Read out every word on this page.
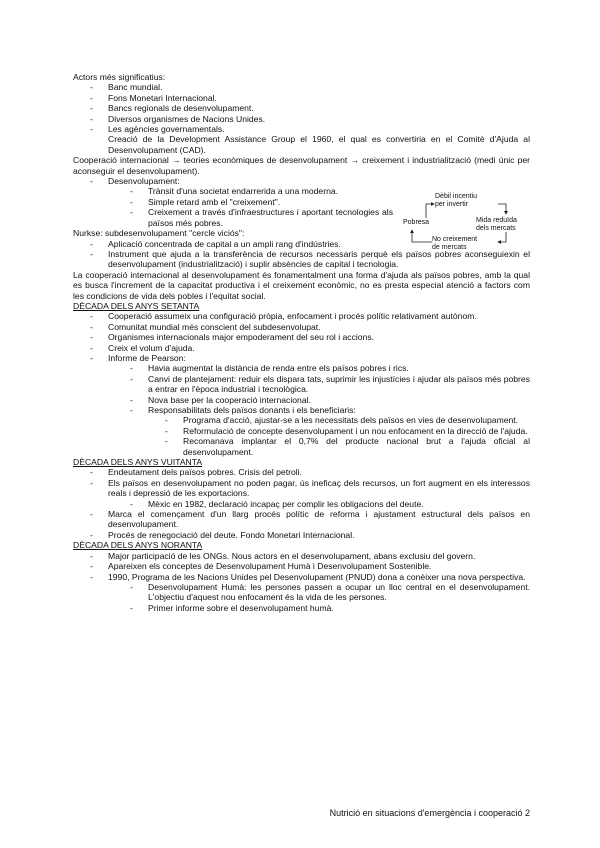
Actors més significatius:
- Banc mundial.
- Fons Monetari Internacional.
- Bancs regionals de desenvolupament.
- Diversos organismes de Nacions Unides.
- Les agències governamentals.
Creació de la Development Assistance Group el 1960, el qual es convertiria en el Comitè d'Ajuda al Desenvolupament (CAD).
Cooperació internacional → teories econòmiques de desenvolupament → creixement i industrialització (medi únic per aconseguir el desenvolupament).
- Desenvolupament:
- Trànsit d'una societat endarrerida a una moderna.
- Simple retard amb el "creixement".
- Creixement a través d'infraestructures i aportant tecnologies als països més pobres.
Nurkse: subdesenvolupament "cercle viciós":
- Aplicació concentrada de capital a un ampli rang d'indústries.
- Instrument que ajuda a la transferència de recursos necessaris perquè els països pobres aconseguiexin el desenvolupament (industrialització) i suplir absències de capital i tecnologia.
La cooperació internacional al desenvolupament és fonamentalment una forma d'ajuda als països pobres, amb la qual es busca l'increment de la capacitat productiva i el creixement econòmic, no es presta especial atenció a factors com les condicions de vida dels pobles i l'equitat social.
DÈCADA DELS ANYS SETANTA
- Cooperació assumeix una configuració pròpia, enfocament i procés polític relativament autònom.
- Comunitat mundial més conscient del subdesenvolupat.
- Organismes internacionals major empoderament del seu rol i accions.
- Creix el volum d'ajuda.
- Informe de Pearson:
- Havia augmentat la distància de renda entre els països pobres i rics.
- Canvi de plantejament: reduir els dispara tats, suprimir les injustícies i ajudar als països més pobres a entrar en l'època industrial i tecnològica.
- Nova base per la cooperació internacional.
- Responsabilitats dels països donants i els beneficiaris:
- Programa d'acció, ajustar-se a les necessitats dels països en vies de desenvolupament.
- Reformulació de concepte desenvolupament i un nou enfocament en la direcció de l'ajuda.
- Recomanava implantar el 0,7% del producte nacional brut a l'ajuda oficial al desenvolupament.
DÈCADA DELS ANYS VUITANTA
- Endeutament dels països pobres. Crisis del petroli.
- Els països en desenvolupament no poden pagar, ús ineficaç dels recursos, un fort augment en els interessos reals i depressió de les exportacions.
- Mèxic en 1982, declaració incapaç per complir les obligacions del deute.
- Marca el començament d'un llarg procés polític de reforma i ajustament estructural dels països en desenvolupament.
- Procés de renegociació del deute. Fondo Monetari Internacional.
DÈCADA DELS ANYS NORANTA
- Major participació de les ONGs. Nous actors en el desenvolupament, abans exclusiu del govern.
- Apareixen els conceptes de Desenvolupament Humà i Desenvolupament Sostenible.
- 1990, Programa de les Nacions Unides pel Desenvolupament (PNUD) dona a conèixer una nova perspectiva.
- Desenvolupament Humà: les persones passen a ocupar un lloc central en el desenvolupament. L'objectiu d'aquest nou enfocament és la vida de les persones.
- Primer informe sobre el desenvolupament humà.
Dèbil incentiu per invertir
Pobresa	Mida reduïda dels mercats
No creixement de mercats
Nutrició en situacions d'emergència i cooperació 2
